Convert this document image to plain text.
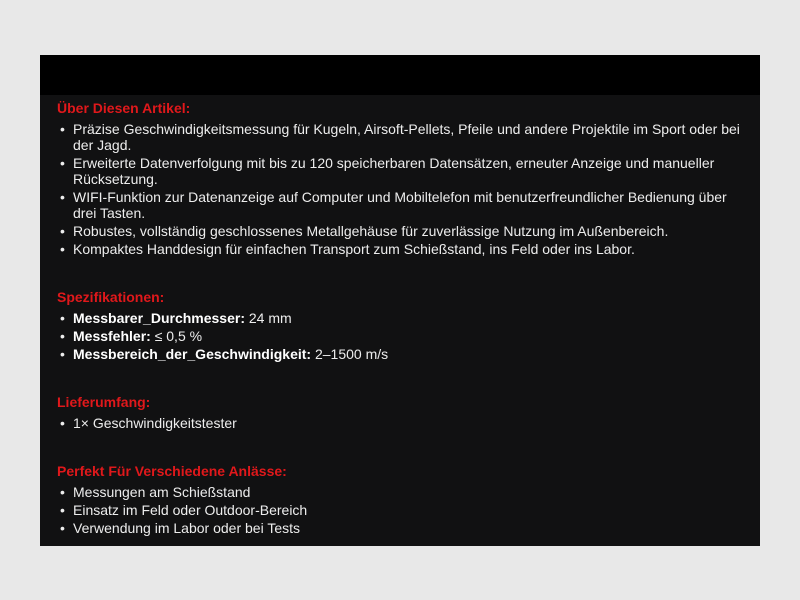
Über Diesen Artikel:
• Präzise Geschwindigkeitsmessung für Kugeln, Airsoft-Pellets, Pfeile und andere Projektile im Sport oder bei der Jagd.
• Erweiterte Datenverfolgung mit bis zu 120 speicherbaren Datensätzen, erneuter Anzeige und manueller Rücksetzung.
• WIFI-Funktion zur Datenanzeige auf Computer und Mobiltelefon mit benutzerfreundlicher Bedienung über drei Tasten.
• Robustes, vollständig geschlossenes Metallgehäuse für zuverlässige Nutzung im Außenbereich.
• Kompaktes Handdesign für einfachen Transport zum Schießstand, ins Feld oder ins Labor.
Spezifikationen:
• Messbarer_Durchmesser: 24 mm
• Messfehler: ≤ 0,5 %
• Messbereich_der_Geschwindigkeit: 2–1500 m/s
Lieferumfang:
• 1× Geschwindigkeitstester
Perfekt Für Verschiedene Anlässe:
• Messungen am Schießstand
• Einsatz im Feld oder Outdoor-Bereich
• Verwendung im Labor oder bei Tests
